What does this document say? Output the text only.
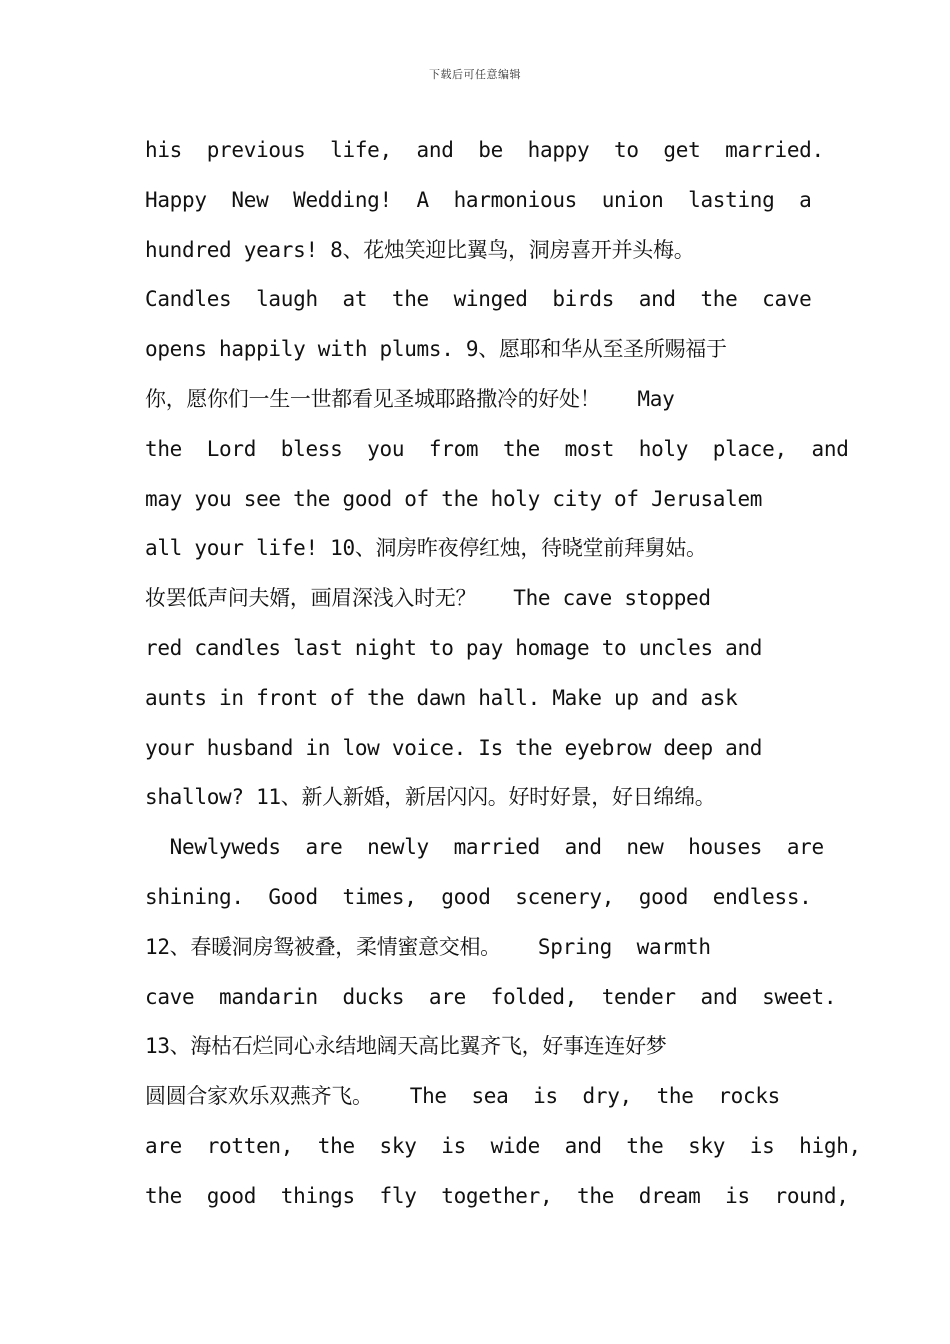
下载后可任意编辑
his  previous  life,  and  be  happy  to  get  married.
Happy  New  Wedding!  A  harmonious  union  lasting  a
hundred years! 8、花烛笑迎比翼鸟，洞房喜开并头梅。
Candles  laugh  at  the  winged  birds  and  the  cave
opens happily with plums. 9、愿耶和华从至圣所赐福于
你，愿你们一生一世都看见圣城耶路撒冷的好处！   May
the  Lord  bless  you  from  the  most  holy  place,  and
may you see the good of the holy city of Jerusalem
all your life! 10、洞房昨夜停红烛，待晓堂前拜舅姑。
妆罢低声问夫婿，画眉深浅入时无？   The cave stopped
red candles last night to pay homage to uncles and
aunts in front of the dawn hall. Make up and ask
your husband in low voice. Is the eyebrow deep and
shallow? 11、新人新婚，新居闪闪。好时好景，好日绵绵。
Newlyweds  are  newly  married  and  new  houses  are
shining.  Good  times,  good  scenery,  good  endless.
12、春暖洞房鸳被叠，柔情蜜意交相。   Spring  warmth
cave  mandarin  ducks  are  folded,  tender  and  sweet.
13、海枯石烂同心永结地阔天高比翼齐飞，好事连连好梦
圆圆合家欢乐双燕齐飞。   The  sea  is  dry,  the  rocks
are  rotten,  the  sky  is  wide  and  the  sky  is  high,
the  good  things  fly  together,  the  dream  is  round,
